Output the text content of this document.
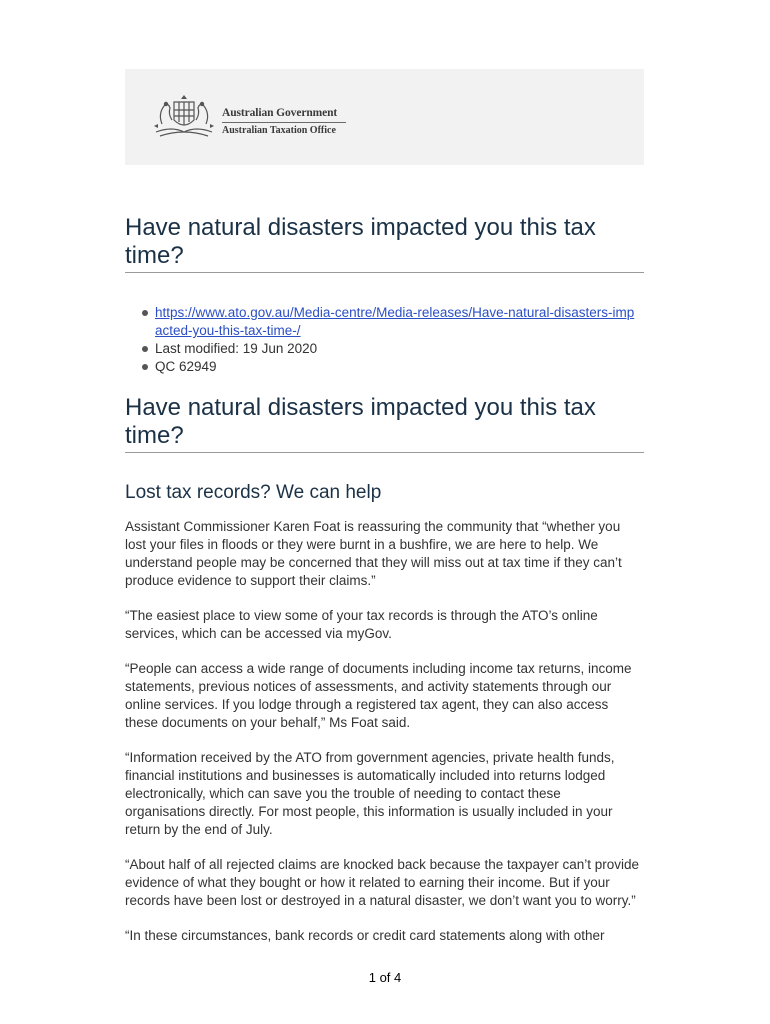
Australian Government
Australian Taxation Office
Have natural disasters impacted you this tax time?
https://www.ato.gov.au/Media-centre/Media-releases/Have-natural-disasters-impacted-you-this-tax-time-/
Last modified: 19 Jun 2020
QC 62949
Have natural disasters impacted you this tax time?
Lost tax records? We can help

Assistant Commissioner Karen Foat is reassuring the community that “whether you lost your files in floods or they were burnt in a bushfire, we are here to help. We understand people may be concerned that they will miss out at tax time if they can’t produce evidence to support their claims.”

“The easiest place to view some of your tax records is through the ATO’s online services, which can be accessed via myGov.

“People can access a wide range of documents including income tax returns, income statements, previous notices of assessments, and activity statements through our online services. If you lodge through a registered tax agent, they can also access these documents on your behalf,” Ms Foat said.

“Information received by the ATO from government agencies, private health funds, financial institutions and businesses is automatically included into returns lodged electronically, which can save you the trouble of needing to contact these organisations directly. For most people, this information is usually included in your return by the end of July.

“About half of all rejected claims are knocked back because the taxpayer can’t provide evidence of what they bought or how it related to earning their income. But if your records have been lost or destroyed in a natural disaster, we don’t want you to worry.”

“In these circumstances, bank records or credit card statements along with other

1 of 4
